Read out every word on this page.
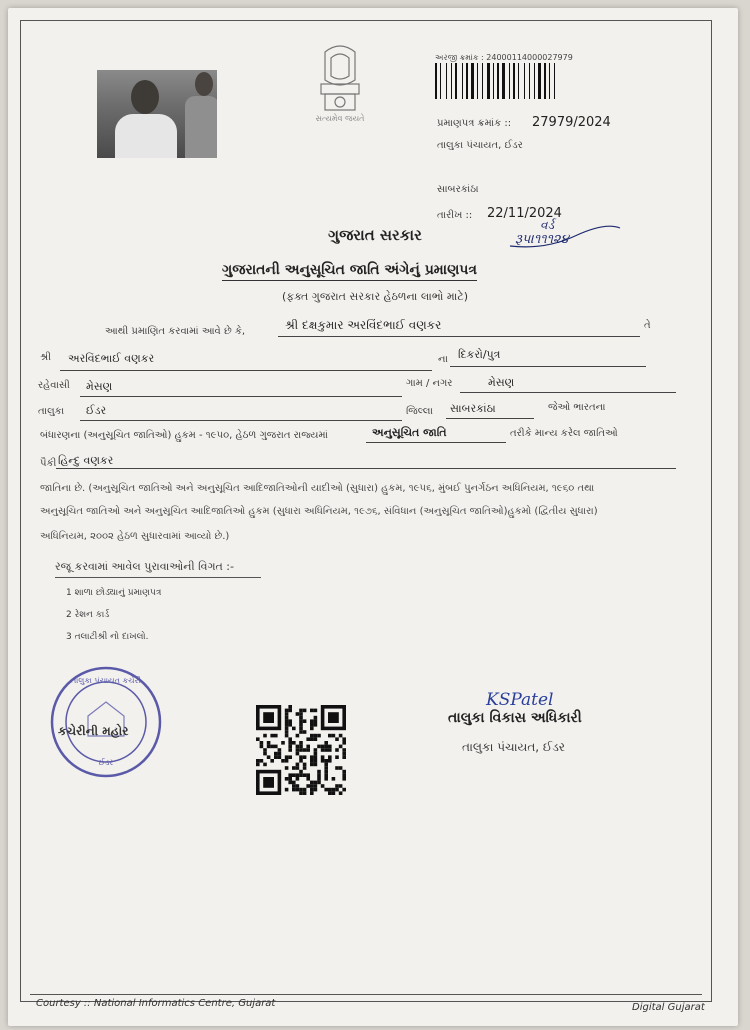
સત્યમેવ જયતે
અરજી ક્રમાંક : 24000114000027979
પ્રમાણપત્ર ક્રમાંક :: 27979/2024
તાલુકા પંચાયત, ઈડર
સાબરકાંઠા
તારીખ :: 22/11/2024
વર્ડ
રૂપ।૧૧૧૨૪
ગુજરાત સરકાર
ગુજરાતની અનુસૂચિત જાતિ અંગેનું પ્રમાણપત્ર
(ફક્ત ગુજરાત સરકાર હેઠળના લાભો માટે)
આથી પ્રમાણિત કરવામાં આવે છે કે,	શ્રી દક્ષકુમાર અરવિંદભાઈ વણકર	તે
શ્રી અરવિંદભાઈ વણકર	ના દિકરો/પુત્ર
રહેવાસી મેસણ	ગામ / નગર	મેસણ
તાલુકા ઈડર	જિલ્લા સાબરકાંઠા	જેઓ ભારતના
બંધારણના (અનુસૂચિત જાતિઓ) હુકમ - ૧૯૫૦, હેઠળ ગુજરાત રાજ્યમાં	અનુસૂચિત જાતિ	તરીકે માન્ય કરેલ જાતિઓ
પૈકી હિન્દુ વણકર
જાતિના છે. (અનુસૂચિત જાતિઓ અને અનુસૂચિત આદિજાતિઓની યાદીઓ (સુધારા) હુકમ, ૧૯૫૬, મુંબઈ પુનર્ગઠન અધિનિયમ, ૧૯૬૦ તથા
અનુસૂચિત જાતિઓ અને અનુસૂચિત આદિજાતિઓ હુકમ (સુધારા અધિનિયમ, ૧૯૭૬, સંવિધાન (અનુસૂચિત જાતિઓ)હુકમો (દ્વિતીય સુધારા)
અધિનિયમ, ૨૦૦૨ હેઠળ સુધારવામાં આવ્યો છે.)
રજૂ કરવામાં આવેલ પુરાવાઓની વિગત :-
1 શાળા છોડ્યાનું પ્રમાણપત્ર
2 રેશન કાર્ડ
3 તલાટીશ્રી નો દાખલો.
તાલુકા પંચાયત કચેરી
કચેરીની મહોર
ઈડર
KSPatel
તાલુકા વિકાસ અધિકારી
તાલુકા પંચાયત, ઈડર
Courtesy :: National Informatics Centre, Gujarat	Digital Gujarat
